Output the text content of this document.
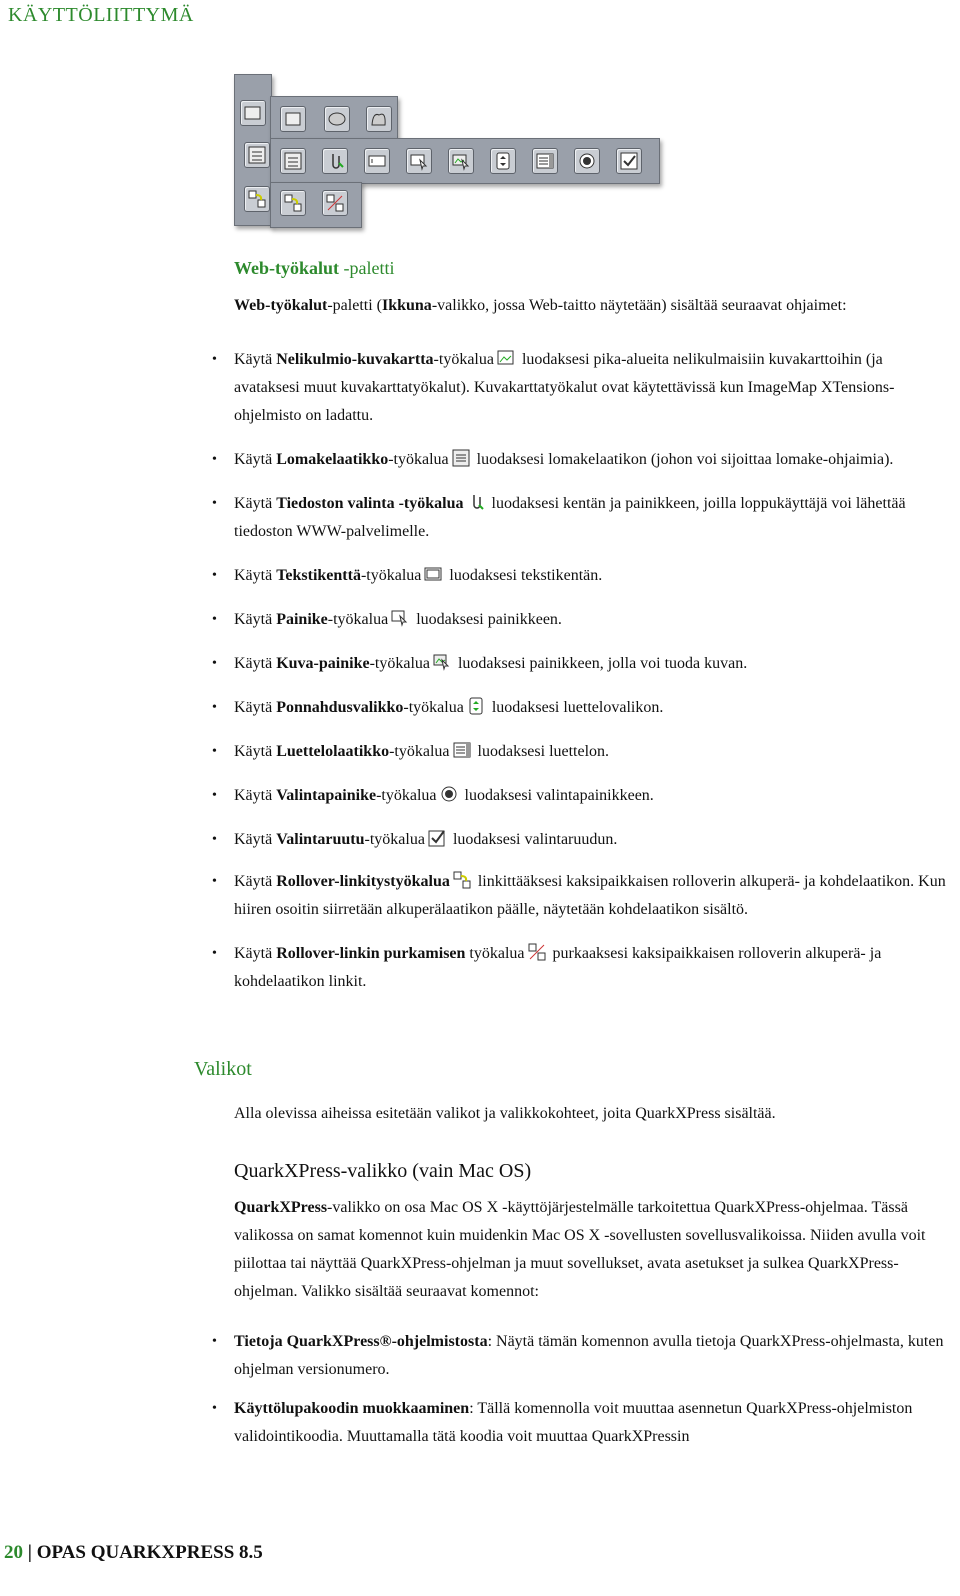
KÄYTTÖLIITTYMÄ
Web-työkalut -paletti
Web-työkalut-paletti (Ikkuna-valikko, jossa Web-taitto näytetään) sisältää seuraavat ohjaimet:
• Käytä Nelikulmio-kuvakartta-työkalua luodaksesi pika-alueita nelikulmaisiin kuvakarttoihin (ja avataksesi muut kuvakarttatyökalut). Kuvakarttatyökalut ovat käytettävissä kun ImageMap XTensions-ohjelmisto on ladattu.
• Käytä Lomakelaatikko-työkalua luodaksesi lomakelaatikon (johon voi sijoittaa lomake-ohjaimia).
• Käytä Tiedoston valinta -työkalua luodaksesi kentän ja painikkeen, joilla loppukäyttäjä voi lähettää tiedoston WWW-palvelimelle.
• Käytä Tekstikenttä-työkalua luodaksesi tekstikentän.
• Käytä Painike-työkalua luodaksesi painikkeen.
• Käytä Kuva-painike-työkalua luodaksesi painikkeen, jolla voi tuoda kuvan.
• Käytä Ponnahdusvalikko-työkalua luodaksesi luettelovalikon.
• Käytä Luettelolaatikko-työkalua luodaksesi luettelon.
• Käytä Valintapainike-työkalua luodaksesi valintapainikkeen.
• Käytä Valintaruutu-työkalua luodaksesi valintaruudun.
• Käytä Rollover-linkitystyökalua linkittääksesi kaksipaikkaisen rolloverin alkuperä- ja kohdelaatikon. Kun hiiren osoitin siirretään alkuperälaatikon päälle, näytetään kohdelaatikon sisältö.
• Käytä Rollover-linkin purkamisen työkalua purkaaksesi kaksipaikkaisen rolloverin alkuperä- ja kohdelaatikon linkit.
Valikot
Alla olevissa aiheissa esitetään valikot ja valikkokohteet, joita QuarkXPress sisältää.
QuarkXPress-valikko (vain Mac OS)
QuarkXPress-valikko on osa Mac OS X -käyttöjärjestelmälle tarkoitettua QuarkXPress-ohjelmaa. Tässä valikossa on samat komennot kuin muidenkin Mac OS X -sovellusten sovellusvalikoissa. Niiden avulla voit piilottaa tai näyttää QuarkXPress-ohjelman ja muut sovellukset, avata asetukset ja sulkea QuarkXPress-ohjelman. Valikko sisältää seuraavat komennot:
• Tietoja QuarkXPress®-ohjelmistosta: Näytä tämän komennon avulla tietoja QuarkXPress-ohjelmasta, kuten ohjelman versionumero.
• Käyttölupakoodin muokkaaminen: Tällä komennolla voit muuttaa asennetun QuarkXPress-ohjelmiston validointikoodia. Muuttamalla tätä koodia voit muuttaa QuarkXPressin
20 | OPAS QUARKXPRESS 8.5
